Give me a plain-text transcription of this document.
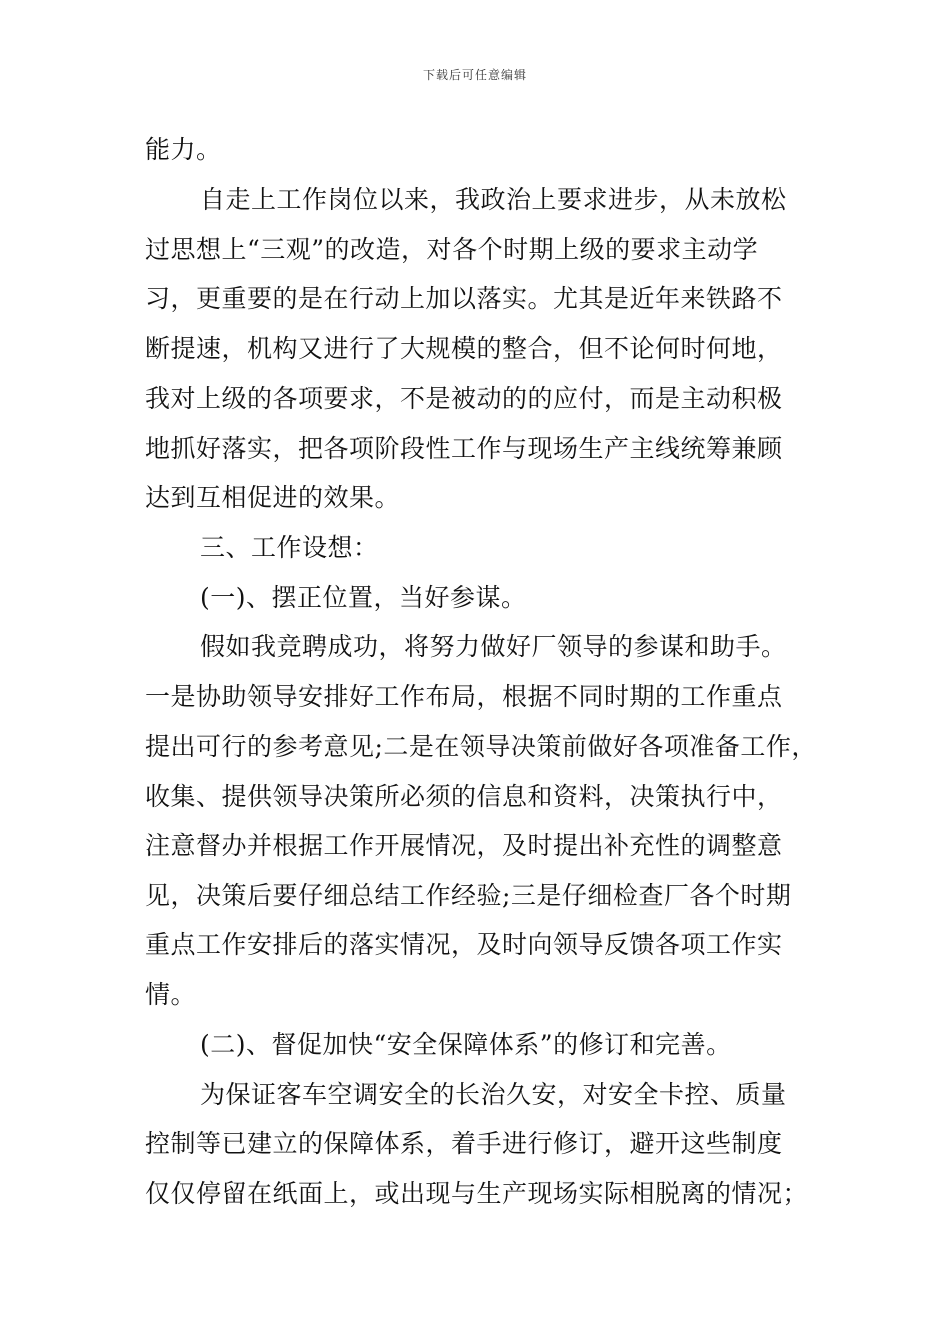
下载后可任意编辑
能力。
自走上工作岗位以来，我政治上要求进步，从未放松
过思想上“三观”的改造，对各个时期上级的要求主动学
习，更重要的是在行动上加以落实。尤其是近年来铁路不
断提速，机构又进行了大规模的整合，但不论何时何地，
我对上级的各项要求，不是被动的的应付，而是主动积极
地抓好落实，把各项阶段性工作与现场生产主线统筹兼顾
达到互相促进的效果。
三、工作设想：
(一)、摆正位置，当好参谋。
假如我竞聘成功，将努力做好厂领导的参谋和助手。
一是协助领导安排好工作布局，根据不同时期的工作重点
提出可行的参考意见;二是在领导决策前做好各项准备工作，
收集、提供领导决策所必须的信息和资料，决策执行中，
注意督办并根据工作开展情况，及时提出补充性的调整意
见，决策后要仔细总结工作经验;三是仔细检查厂各个时期
重点工作安排后的落实情况，及时向领导反馈各项工作实
情。
(二)、督促加快“安全保障体系”的修订和完善。
为保证客车空调安全的长治久安，对安全卡控、质量
控制等已建立的保障体系，着手进行修订，避开这些制度
仅仅停留在纸面上，或出现与生产现场实际相脱离的情况；
